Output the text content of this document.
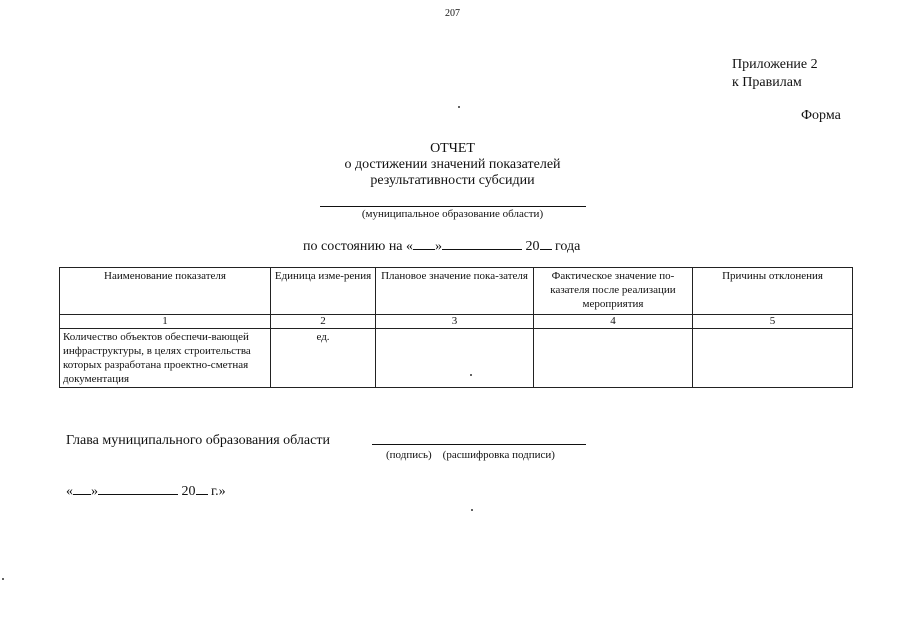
207
Приложение 2
к Правилам
Форма
ОТЧЕТ
о достижении значений показателей
результативности субсидии
(муниципальное образование области)
по состоянию на « »	20 года
Наименование показателя	Единица изме-рения	Плановое значение пока-зателя	Фактическое значение по-казателя после реализации мероприятия	Причины отклонения
1	2	3	4	5
Количество объектов обеспечи-вающей инфраструктуры, в целях строительства которых разработана проектно-сметная документация	ед.			
Глава муниципального образования области
(подпись) (расшифровка подписи)
« »	20 г.»
